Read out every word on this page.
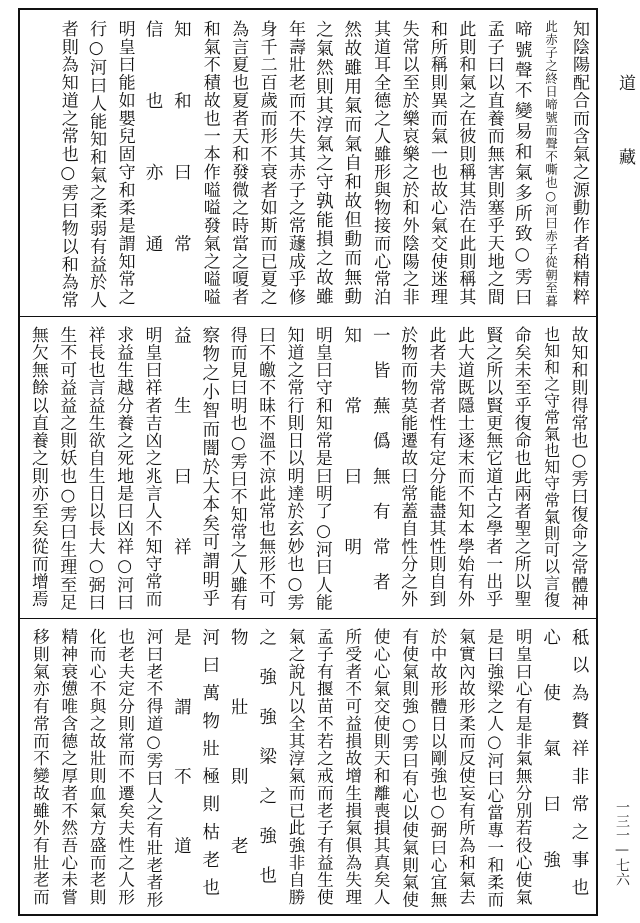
道
藏
一三一—七六
知陰陽配合而含氣之源動作者稍精粹
此赤子之終日啼號而聲不嘶也○河曰赤子從朝至暮
啼號聲不變易和氣多所致○雱曰
孟子曰以直養而無害則塞乎天地之間
此則和氣之在彼則稱其浩在此則稱其
和所稱則異而氣一也故心氣交使迷理
失常以至於樂哀樂之於和外陰陽之非
其道耳全德之人雖形與物接而心常泊
然故雖用氣而氣自和故但動而無動
之氣然則其淳氣之守孰能損之故雖
年壽壯老而不失其赤子之常蘧成乎修
身千二百歲而形不衰者如斯而已夏之
為言夏也夏者天和發微之時當之嗄者
和氣不積故也一本作嗌嗌發氣之嗌嗌
知和曰常
信也亦通
明皇曰能如嬰兒固守和柔是謂知常之
行○河曰人能知和氣之柔弱有益於人
者則為知道之常也○雱曰物以和為常
故知和則得常也○雱曰復命之常體神
也知和之守常氣也知守常氣則可以言復
命矣未至乎復命也此兩者聖之所以聖
賢之所以賢更無它道古之學者一出乎
此大道既隱士逐末而不知本學始有外
此者夫常者性有定分能盡其性則自到
於物而物莫能遷故曰常蓋自性分之外
一皆蕪僞無有常者
知常曰明
明皇曰守和知常是曰明了○河曰人能
知道之常行則日以明達於玄妙也○雱
曰不皦不昧不溫不涼此常也無形不可
得而見曰明也○雱曰不知常之人雖有
察物之小智而闇於大本矣可謂明乎
益生曰祥
明皇曰祥者吉凶之兆言人不知守常而
求益生越分養之死地是曰凶祥○河曰
祥長也言益生欲自生日以長大○弼曰
生不可益益之則妖也○雱曰生理至足
無欠無餘以直養之則亦至矣從而增焉
秪以為贅祥非常之事也
心使氣曰強
明皇曰心有是非氣無分別若役心使氣
是曰強梁之人○河曰心當專一和柔而
氣實內故形柔而反使妄有所為和氣去
於中故形體日以剛強也○弼曰心宜無
有使氣則強○雱曰有心以使氣則氣使
使心心氣交使則天和離喪損其真矣人
所受者不可益損故增生損氣俱為失理
孟子有揠苗不若之戒而老子有益生使
氣之說凡以全其淳氣而已此強非自勝
之強強梁之強也
物壯則老
河曰萬物壯極則枯老也
是謂不道
河曰老不得道○雱曰人之有壯老者形
也老夫定分則常而不遷矣夫性之人形
化而心不與之故壯則血氣方盛而老則
精神衰憊唯含德之厚者不然吾心未嘗
移則氣亦有常而不變故雖外有壯老而
